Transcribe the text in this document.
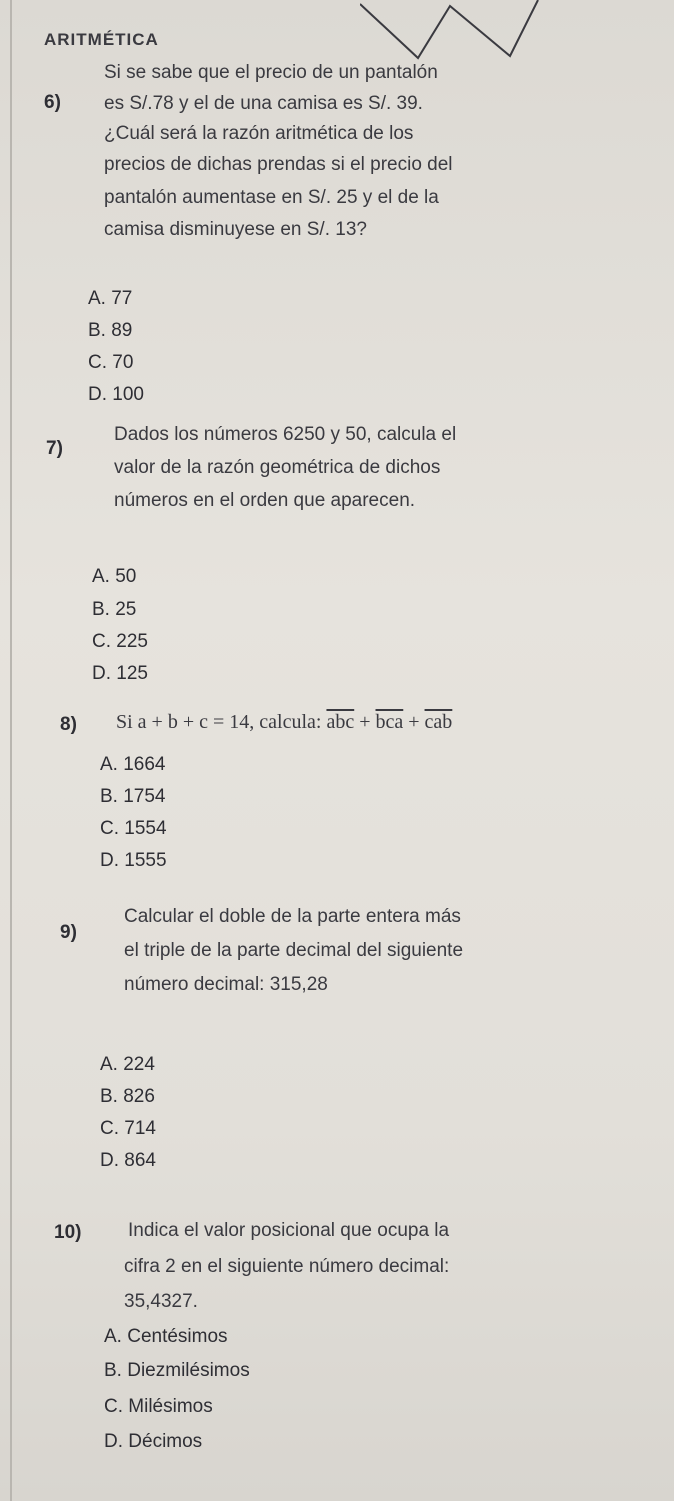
ARITMÉTICA
6)
Si se sabe que el precio de un pantalón
es S/.78 y el de una camisa es S/. 39.
¿Cuál será la razón aritmética de los
precios de dichas prendas si el precio del
pantalón aumentase en S/. 25 y el de la
camisa disminuyese en S/. 13?
A. 77
B. 89
C. 70
D. 100
7)
Dados los números 6250 y 50, calcula el
valor de la razón geométrica de dichos
números en el orden que aparecen.
A. 50
B. 25
C. 225
D. 125
8) Si a + b + c = 14, calcula: $\overline{abc} + \overline{bca} + \overline{cab}$
A. 1664
B. 1754
C. 1554
D. 1555
9)
Calcular el doble de la parte entera más
el triple de la parte decimal del siguiente
número decimal: 315,28
A. 224
B. 826
C. 714
D. 864
10) Indica el valor posicional que ocupa la
cifra 2 en el siguiente número decimal:
35,4327.
A. Centésimos
B. Diezmilésimos
C. Milésimos
D. Décimos
